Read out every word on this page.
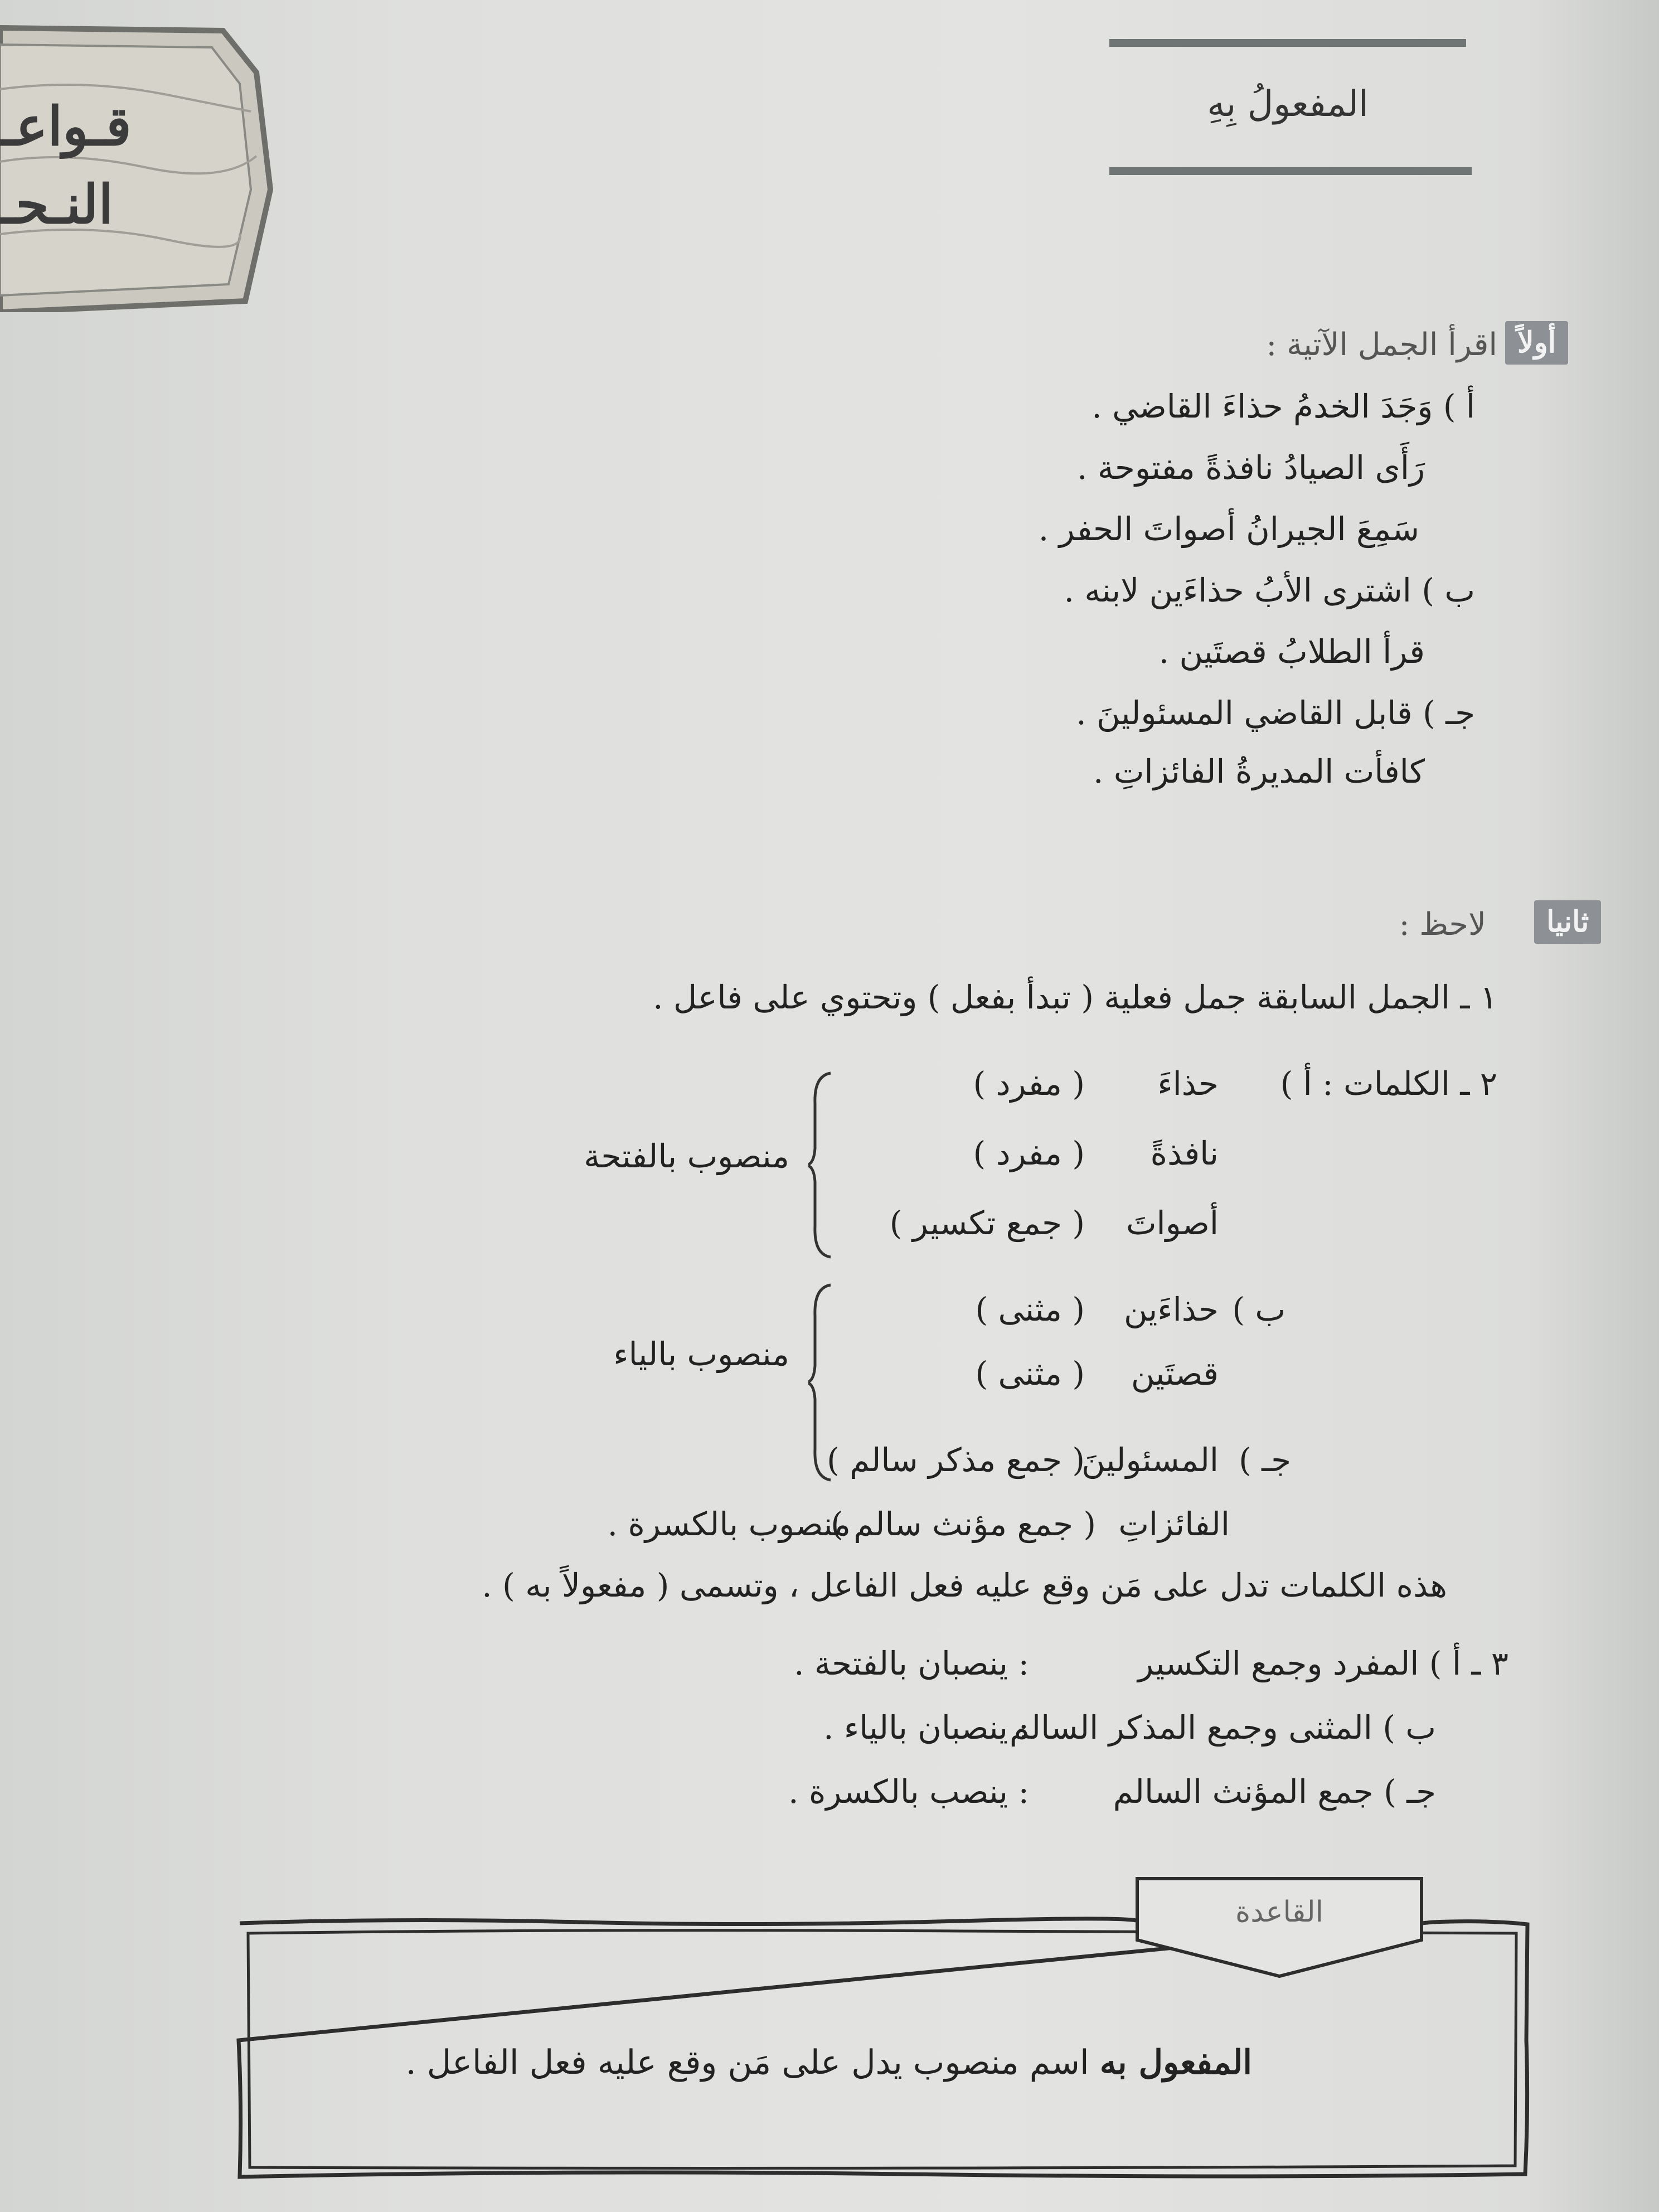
قـواعـ
النـحـ
المفعولُ بِهِ
أولاً
اقرأ الجمل الآتية :
أ ) وَجَدَ الخدمُ حذاءَ القاضي .
رَأَى الصيادُ نافذةً مفتوحة .
سَمِعَ الجيرانُ أصواتَ الحفر .
ب ) اشترى الأبُ حذاءَين لابنه .
قرأ الطلابُ قصتَين .
جـ ) قابل القاضي المسئولينَ .
كافأت المديرةُ الفائزاتِ .
ثانيا
لاحظ :
١ ـ الجمل السابقة جمل فعلية ( تبدأ بفعل ) وتحتوي على فاعل .
٢ ـ الكلمات : أ )
حذاءَ
( مفرد )
نافذةً
( مفرد )
أصواتَ
( جمع تكسير )
منصوب بالفتحة
ب )
حذاءَين
( مثنى )
قصتَين
( مثنى )
جـ )
المسئولينَ
( جمع مذكر سالم )
منصوب بالياء
الفائزاتِ
( جمع مؤنث سالم )
منصوب بالكسرة .
هذه الكلمات تدل على مَن وقع عليه فعل الفاعل ، وتسمى ( مفعولاً به ) .
٣ ـ أ ) المفرد وجمع التكسير
: ينصبان بالفتحة .
ب ) المثنى وجمع المذكر السالم
: ينصبان بالياء .
جـ ) جمع المؤنث السالم
: ينصب بالكسرة .
القاعدة
المفعول به اسم منصوب يدل على مَن وقع عليه فعل الفاعل .
